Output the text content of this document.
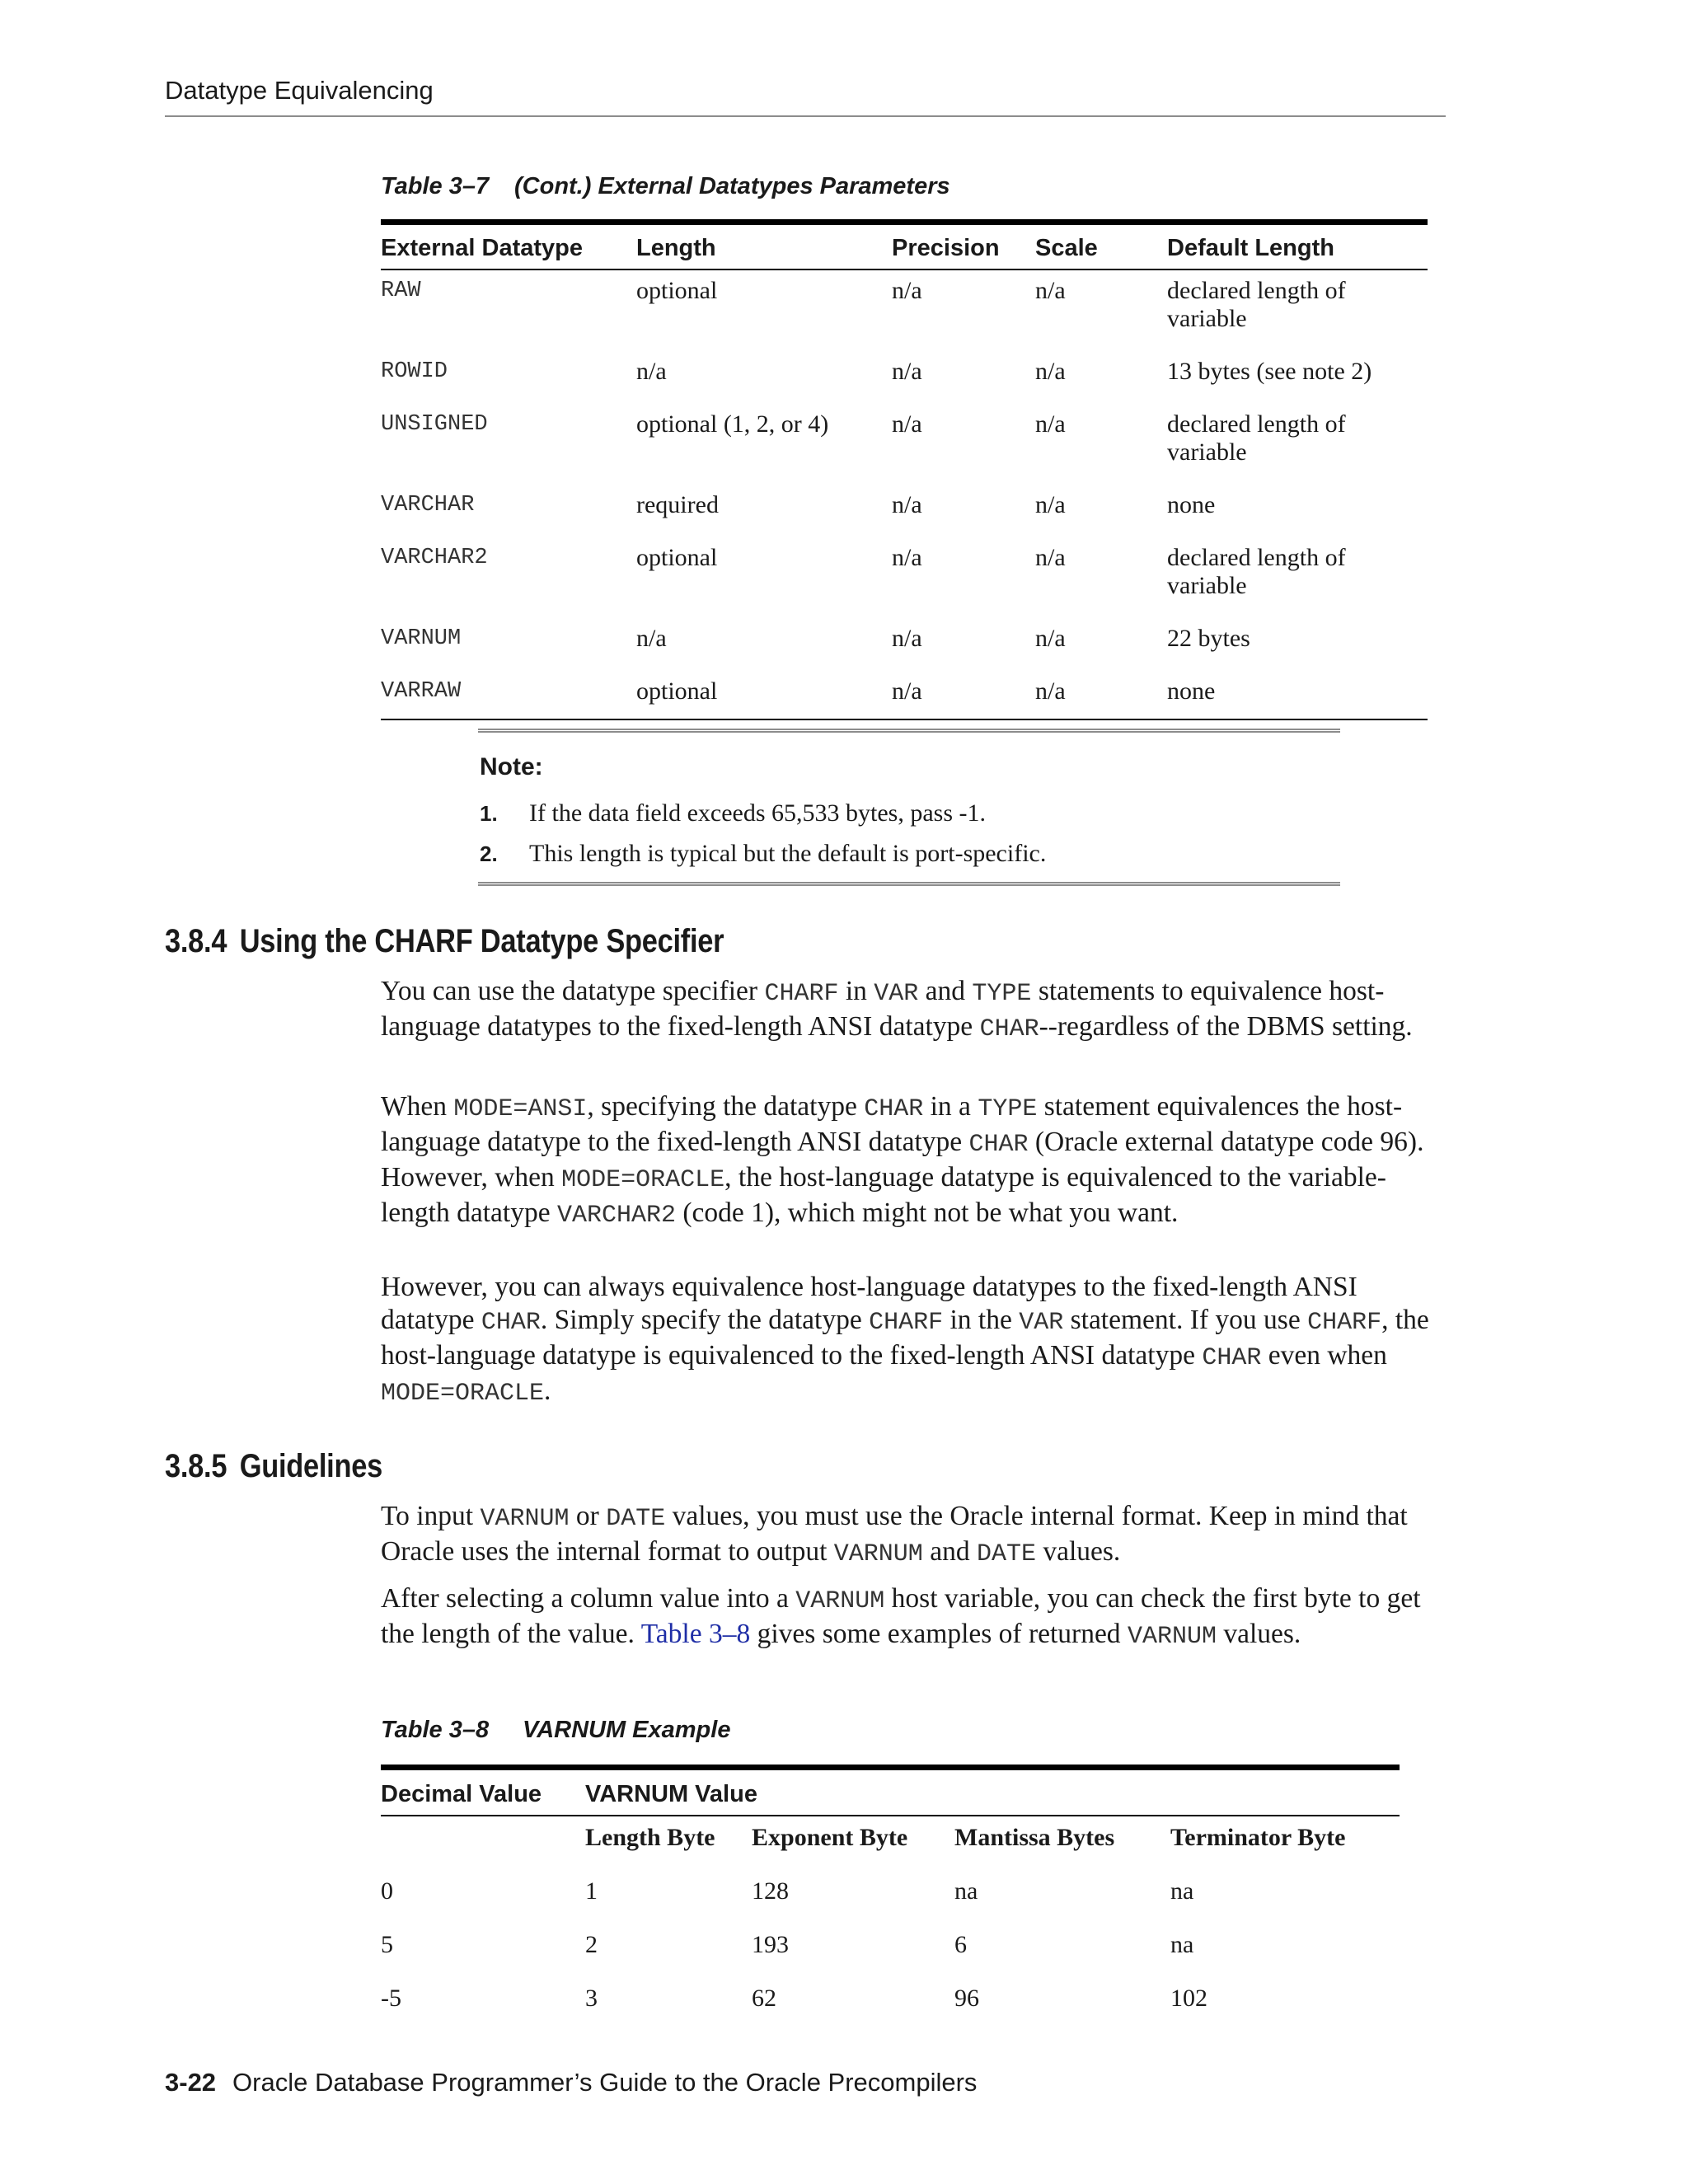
Datatype Equivalencing
Table 3–7 (Cont.) External Datatypes Parameters
External Datatype	Length	Precision	Scale	Default Length
RAW	optional	n/a	n/a	declared length of variable
ROWID	n/a	n/a	n/a	13 bytes (see note 2)
UNSIGNED	optional (1, 2, or 4)	n/a	n/a	declared length of variable
VARCHAR	required	n/a	n/a	none
VARCHAR2	optional	n/a	n/a	declared length of variable
VARNUM	n/a	n/a	n/a	22 bytes
VARRAW	optional	n/a	n/a	none
Note:
1. If the data field exceeds 65,533 bytes, pass -1.
2. This length is typical but the default is port-specific.
3.8.4 Using the CHARF Datatype Specifier

You can use the datatype specifier CHARF in VAR and TYPE statements to equivalence host-language datatypes to the fixed-length ANSI datatype CHAR--regardless of the DBMS setting.

When MODE=ANSI, specifying the datatype CHAR in a TYPE statement equivalences the host-language datatype to the fixed-length ANSI datatype CHAR (Oracle external datatype code 96). However, when MODE=ORACLE, the host-language datatype is equivalenced to the variable-length datatype VARCHAR2 (code 1), which might not be what you want.

However, you can always equivalence host-language datatypes to the fixed-length ANSI datatype CHAR. Simply specify the datatype CHARF in the VAR statement. If you use CHARF, the host-language datatype is equivalenced to the fixed-length ANSI datatype CHAR even when MODE=ORACLE.

3.8.5 Guidelines

To input VARNUM or DATE values, you must use the Oracle internal format. Keep in mind that Oracle uses the internal format to output VARNUM and DATE values.

After selecting a column value into a VARNUM host variable, you can check the first byte to get the length of the value. Table 3–8 gives some examples of returned VARNUM values.

Table 3–8 VARNUM Example
Decimal Value	VARNUM Value			
	Length Byte	Exponent Byte	Mantissa Bytes	Terminator Byte
0	1	128	na	na
5	2	193	6	na
-5	3	62	96	102
3-22 Oracle Database Programmer’s Guide to the Oracle Precompilers
